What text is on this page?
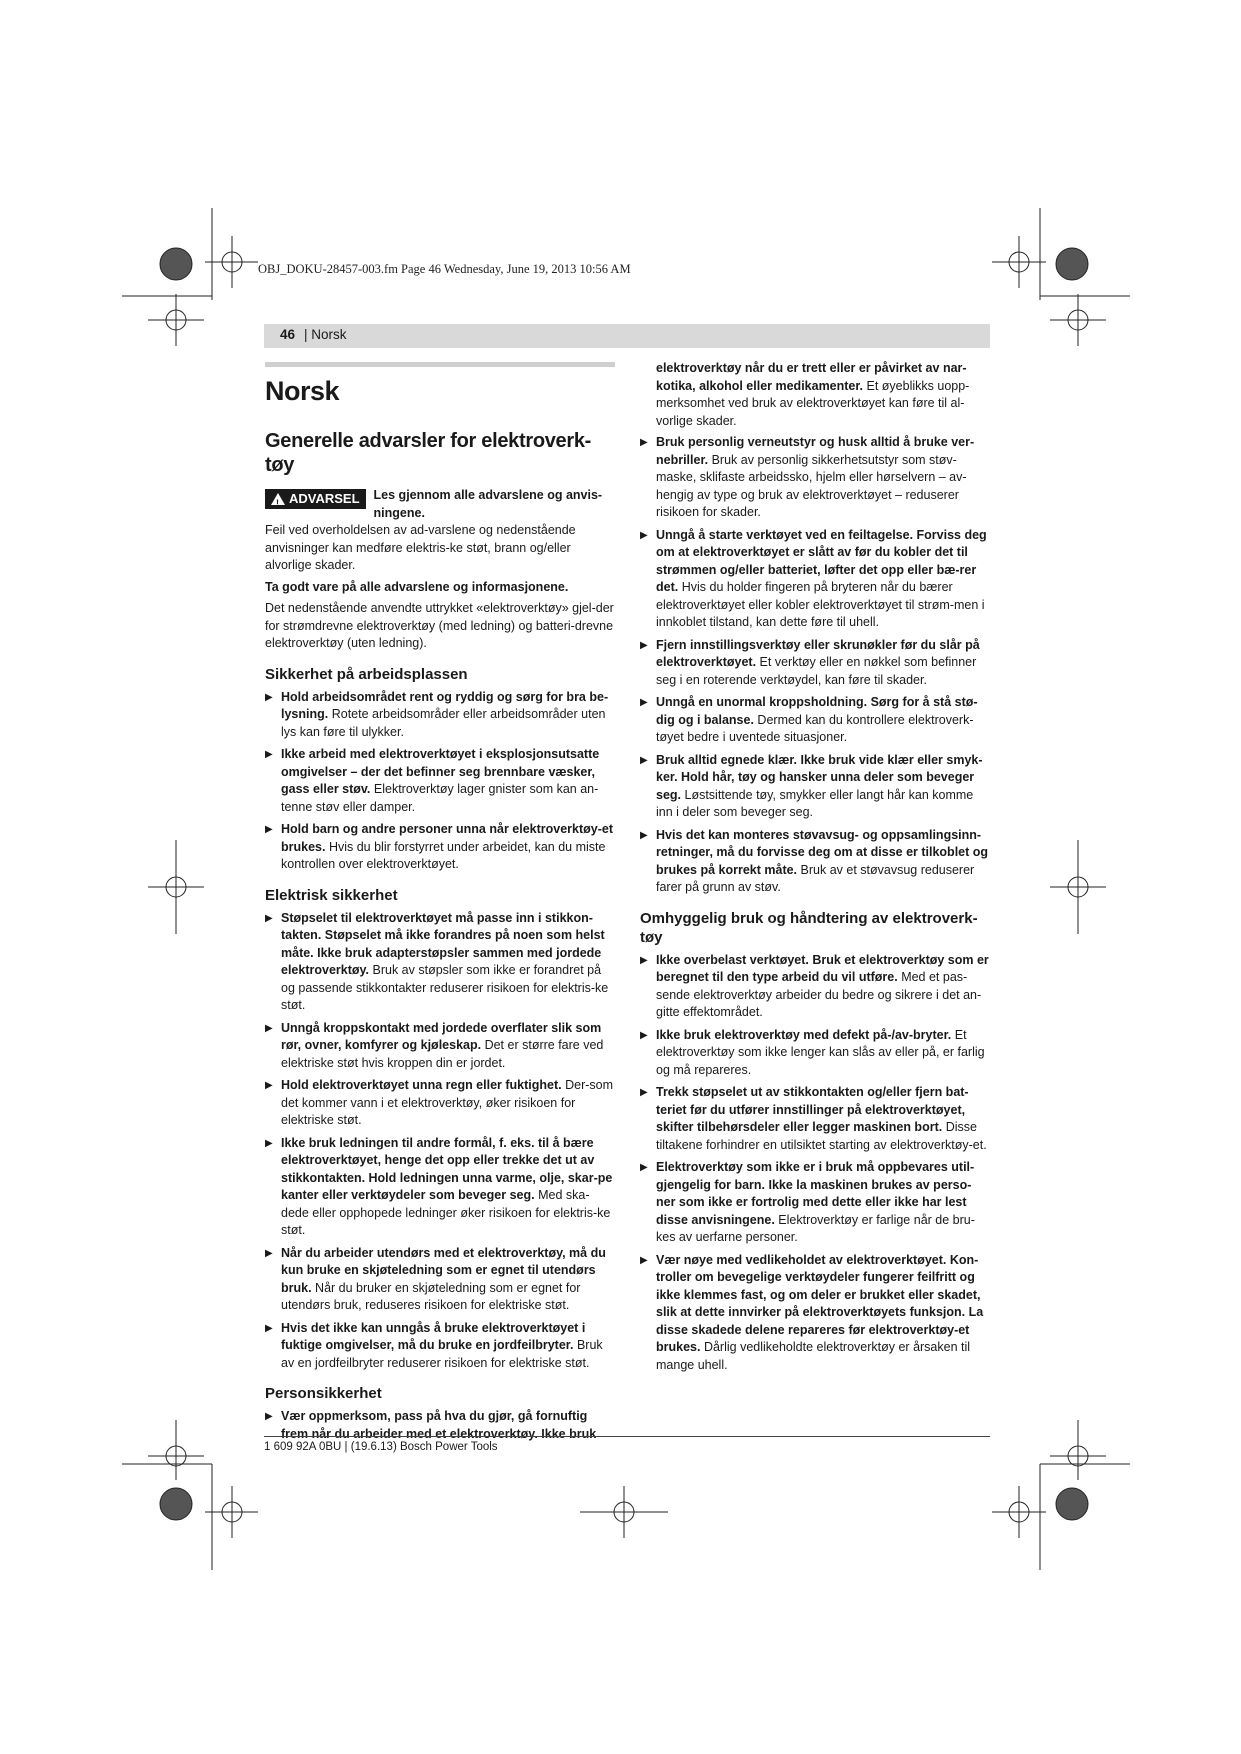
OBJ_DOKU-28457-003.fm Page 46 Wednesday, June 19, 2013 10:56 AM
46 | Norsk
Norsk
Generelle advarsler for elektroverk-tøy
! ADVARSEL Les gjennom alle advarslene og anvis-ningene.

Feil ved overholdelsen av ad-varslene og nedenstående anvisninger kan medføre elektris-ke støt, brann og/eller alvorlige skader.

Ta godt vare på alle advarslene og informasjonene.

Det nedenstående anvendte uttrykket «elektroverktøy» gjel-der for strømdrevne elektroverktøy (med ledning) og batteri-drevne elektroverktøy (uten ledning).

Sikkerhet på arbeidsplassen
▶ Hold arbeidsområdet rent og ryddig og sørg for bra be-lysning. Rotete arbeidsområder eller arbeidsområder uten lys kan føre til ulykker.
▶ Ikke arbeid med elektroverktøyet i eksplosjonsutsatte omgivelser – der det befinner seg brennbare væsker, gass eller støv. Elektroverktøy lager gnister som kan an-tenne støv eller damper.
▶ Hold barn og andre personer unna når elektroverktøy-et brukes. Hvis du blir forstyrret under arbeidet, kan du miste kontrollen over elektroverktøyet.
Elektrisk sikkerhet
▶ Støpselet til elektroverktøyet må passe inn i stikkon-takten. Støpselet må ikke forandres på noen som helst måte. Ikke bruk adapterstøpsler sammen med jordede elektroverktøy. Bruk av støpsler som ikke er forandret på og passende stikkontakter reduserer risikoen for elektris-ke støt.
▶ Unngå kroppskontakt med jordede overflater slik som rør, ovner, komfyrer og kjøleskap. Det er større fare ved elektriske støt hvis kroppen din er jordet.
▶ Hold elektroverktøyet unna regn eller fuktighet. Der-som det kommer vann i et elektroverktøy, øker risikoen for elektriske støt.
▶ Ikke bruk ledningen til andre formål, f. eks. til å bære elektroverktøyet, henge det opp eller trekke det ut av stikkontakten. Hold ledningen unna varme, olje, skar-pe kanter eller verktøydeler som beveger seg. Med ska-dede eller opphopede ledninger øker risikoen for elektris-ke støt.
▶ Når du arbeider utendørs med et elektroverktøy, må du kun bruke en skjøteledning som er egnet til utendørs bruk. Når du bruker en skjøteledning som er egnet for utendørs bruk, reduseres risikoen for elektriske støt.
▶ Hvis det ikke kan unngås å bruke elektroverktøyet i fuktige omgivelser, må du bruke en jordfeilbryter. Bruk av en jordfeilbryter reduserer risikoen for elektriske støt.
Personsikkerhet
▶ Vær oppmerksom, pass på hva du gjør, gå fornuftig frem når du arbeider med et elektroverktøy. Ikke bruk

elektroverktøy når du er trett eller er påvirket av nar-kotika, alkohol eller medikamenter. Et øyeblikks uopp-merksomhet ved bruk av elektroverktøyet kan føre til al-vorlige skader.

▶ Bruk personlig verneutstyr og husk alltid å bruke ver-nebriller. Bruk av personlig sikkerhetsutstyr som støv-maske, sklifaste arbeidssko, hjelm eller hørselvern – av-hengig av type og bruk av elektroverktøyet – reduserer risikoen for skader.
▶ Unngå å starte verktøyet ved en feiltagelse. Forviss deg om at elektroverktøyet er slått av før du kobler det til strømmen og/eller batteriet, løfter det opp eller bæ-rer det. Hvis du holder fingeren på bryteren når du bærer elektroverktøyet eller kobler elektroverktøyet til strøm-men i innkoblet tilstand, kan dette føre til uhell.
▶ Fjern innstillingsverktøy eller skrunøkler før du slår på elektroverktøyet. Et verktøy eller en nøkkel som befinner seg i en roterende verktøydel, kan føre til skader.
▶ Unngå en unormal kroppsholdning. Sørg for å stå stø-dig og i balanse. Dermed kan du kontrollere elektroverk-tøyet bedre i uventede situasjoner.
▶ Bruk alltid egnede klær. Ikke bruk vide klær eller smyk-ker. Hold hår, tøy og hansker unna deler som beveger seg. Løstsittende tøy, smykker eller langt hår kan komme inn i deler som beveger seg.
▶ Hvis det kan monteres støvavsug- og oppsamlingsinn-retninger, må du forvisse deg om at disse er tilkoblet og brukes på korrekt måte. Bruk av et støvavsug reduserer farer på grunn av støv.
Omhyggelig bruk og håndtering av elektroverk-tøy
▶ Ikke overbelast verktøyet. Bruk et elektroverktøy som er beregnet til den type arbeid du vil utføre. Med et pas-sende elektroverktøy arbeider du bedre og sikrere i det an-gitte effektområdet.
▶ Ikke bruk elektroverktøy med defekt på-/av-bryter. Et elektroverktøy som ikke lenger kan slås av eller på, er farlig og må repareres.
▶ Trekk støpselet ut av stikkontakten og/eller fjern bat-teriet før du utfører innstillinger på elektroverktøyet, skifter tilbehørsdeler eller legger maskinen bort. Disse tiltakene forhindrer en utilsiktet starting av elektroverktøy-et.
▶ Elektroverktøy som ikke er i bruk må oppbevares util-gjengelig for barn. Ikke la maskinen brukes av perso-ner som ikke er fortrolig med dette eller ikke har lest disse anvisningene. Elektroverktøy er farlige når de bru-kes av uerfarne personer.
▶ Vær nøye med vedlikeholdet av elektroverktøyet. Kon-troller om bevegelige verktøydeler fungerer feilfritt og ikke klemmes fast, og om deler er brukket eller skadet, slik at dette innvirker på elektroverktøyets funksjon. La disse skadede delene repareres før elektroverktøy-et brukes. Dårlig vedlikeholdte elektroverktøy er årsaken til mange uhell.
1 609 92A 0BU | (19.6.13) Bosch Power Tools
